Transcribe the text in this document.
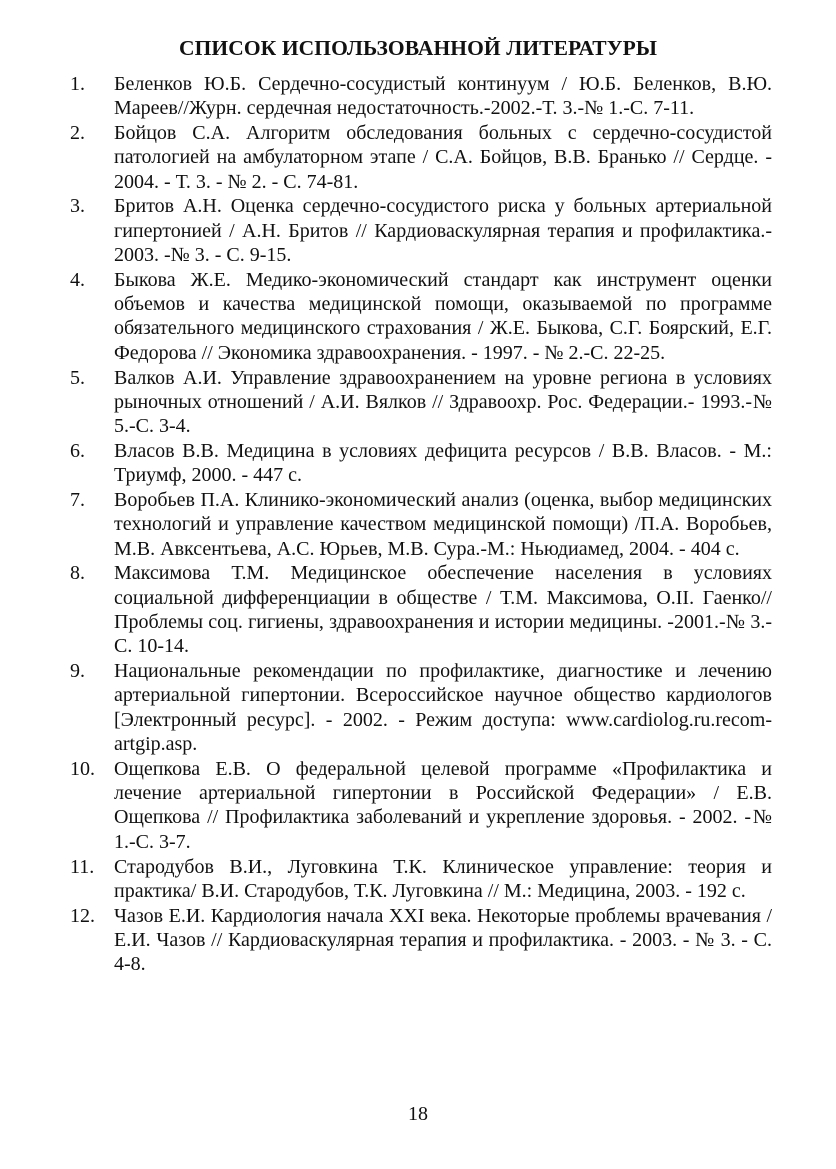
СПИСОК ИСПОЛЬЗОВАННОЙ ЛИТЕРАТУРЫ
1.	Беленков Ю.Б. Сердечно-сосудистый континуум / Ю.Б. Беленков, В.Ю. Мареев//Журн. сердечная недостаточность.-2002.-Т. 3.-№ 1.-С. 7-11.
2.	Бойцов С.А. Алгоритм обследования больных с сердечно-сосудистой патологией на амбулаторном этапе / С.А. Бойцов, В.В. Бранько // Сердце. - 2004. - Т. 3. - № 2. - С. 74-81.
3.	Бритов А.Н. Оценка сердечно-сосудистого риска у больных артериальной гипертонией / А.Н. Бритов // Кардиоваскулярная терапия и профилактика.- 2003. -№ 3. - С. 9-15.
4.	Быкова Ж.Е. Медико-экономический стандарт как инструмент оценки объемов и качества медицинской помощи, оказываемой по программе обязательного медицинского страхования / Ж.Е. Быкова, С.Г. Боярский, Е.Г. Федорова // Экономика здравоохранения. - 1997. - № 2.-С. 22-25.
5.	Валков А.И. Управление здравоохранением на уровне региона в условиях рыночных отношений / А.И. Вялков // Здравоохр. Рос. Федерации.- 1993.-№ 5.-С. 3-4.
6.	Власов В.В. Медицина в условиях дефицита ресурсов / В.В. Власов. - М.: Триумф, 2000. - 447 с.
7.	Воробьев П.А. Клинико-экономический анализ (оценка, выбор медицинских технологий и управление качеством медицинской помощи) /П.А. Воробьев, М.В. Авксентьева, А.С. Юрьев, М.В. Сура.-М.: Ньюдиамед, 2004. - 404 с.
8.	Максимова Т.М. Медицинское обеспечение населения в условиях социальной дифференциации в обществе / Т.М. Максимова, О.II. Гаенко//Проблемы соц. гигиены, здравоохранения и истории медицины. -2001.-№ 3.-С. 10-14.
9.	Национальные рекомендации по профилактике, диагностике и лечению артериальной гипертонии. Всероссийское научное общество кардиологов [Электронный ресурс]. - 2002. - Режим доступа: www.cardiolog.ru.recom-artgip.asp.
10. Ощепкова Е.В. О федеральной целевой программе «Профилактика и лечение артериальной гипертонии в Российской Федерации» / Е.В. Ощепкова // Профилактика заболеваний и укрепление здоровья. - 2002. -№ 1.-С. 3-7.
11. Стародубов В.И., Луговкина Т.К. Клиническое управление: теория и практика/ В.И. Стародубов, Т.К. Луговкина // М.: Медицина, 2003. - 192 с.
12. Чазов Е.И. Кардиология начала XXI века. Некоторые проблемы врачевания / Е.И. Чазов // Кардиоваскулярная терапия и профилактика. - 2003. - № 3. - С. 4-8.
18
